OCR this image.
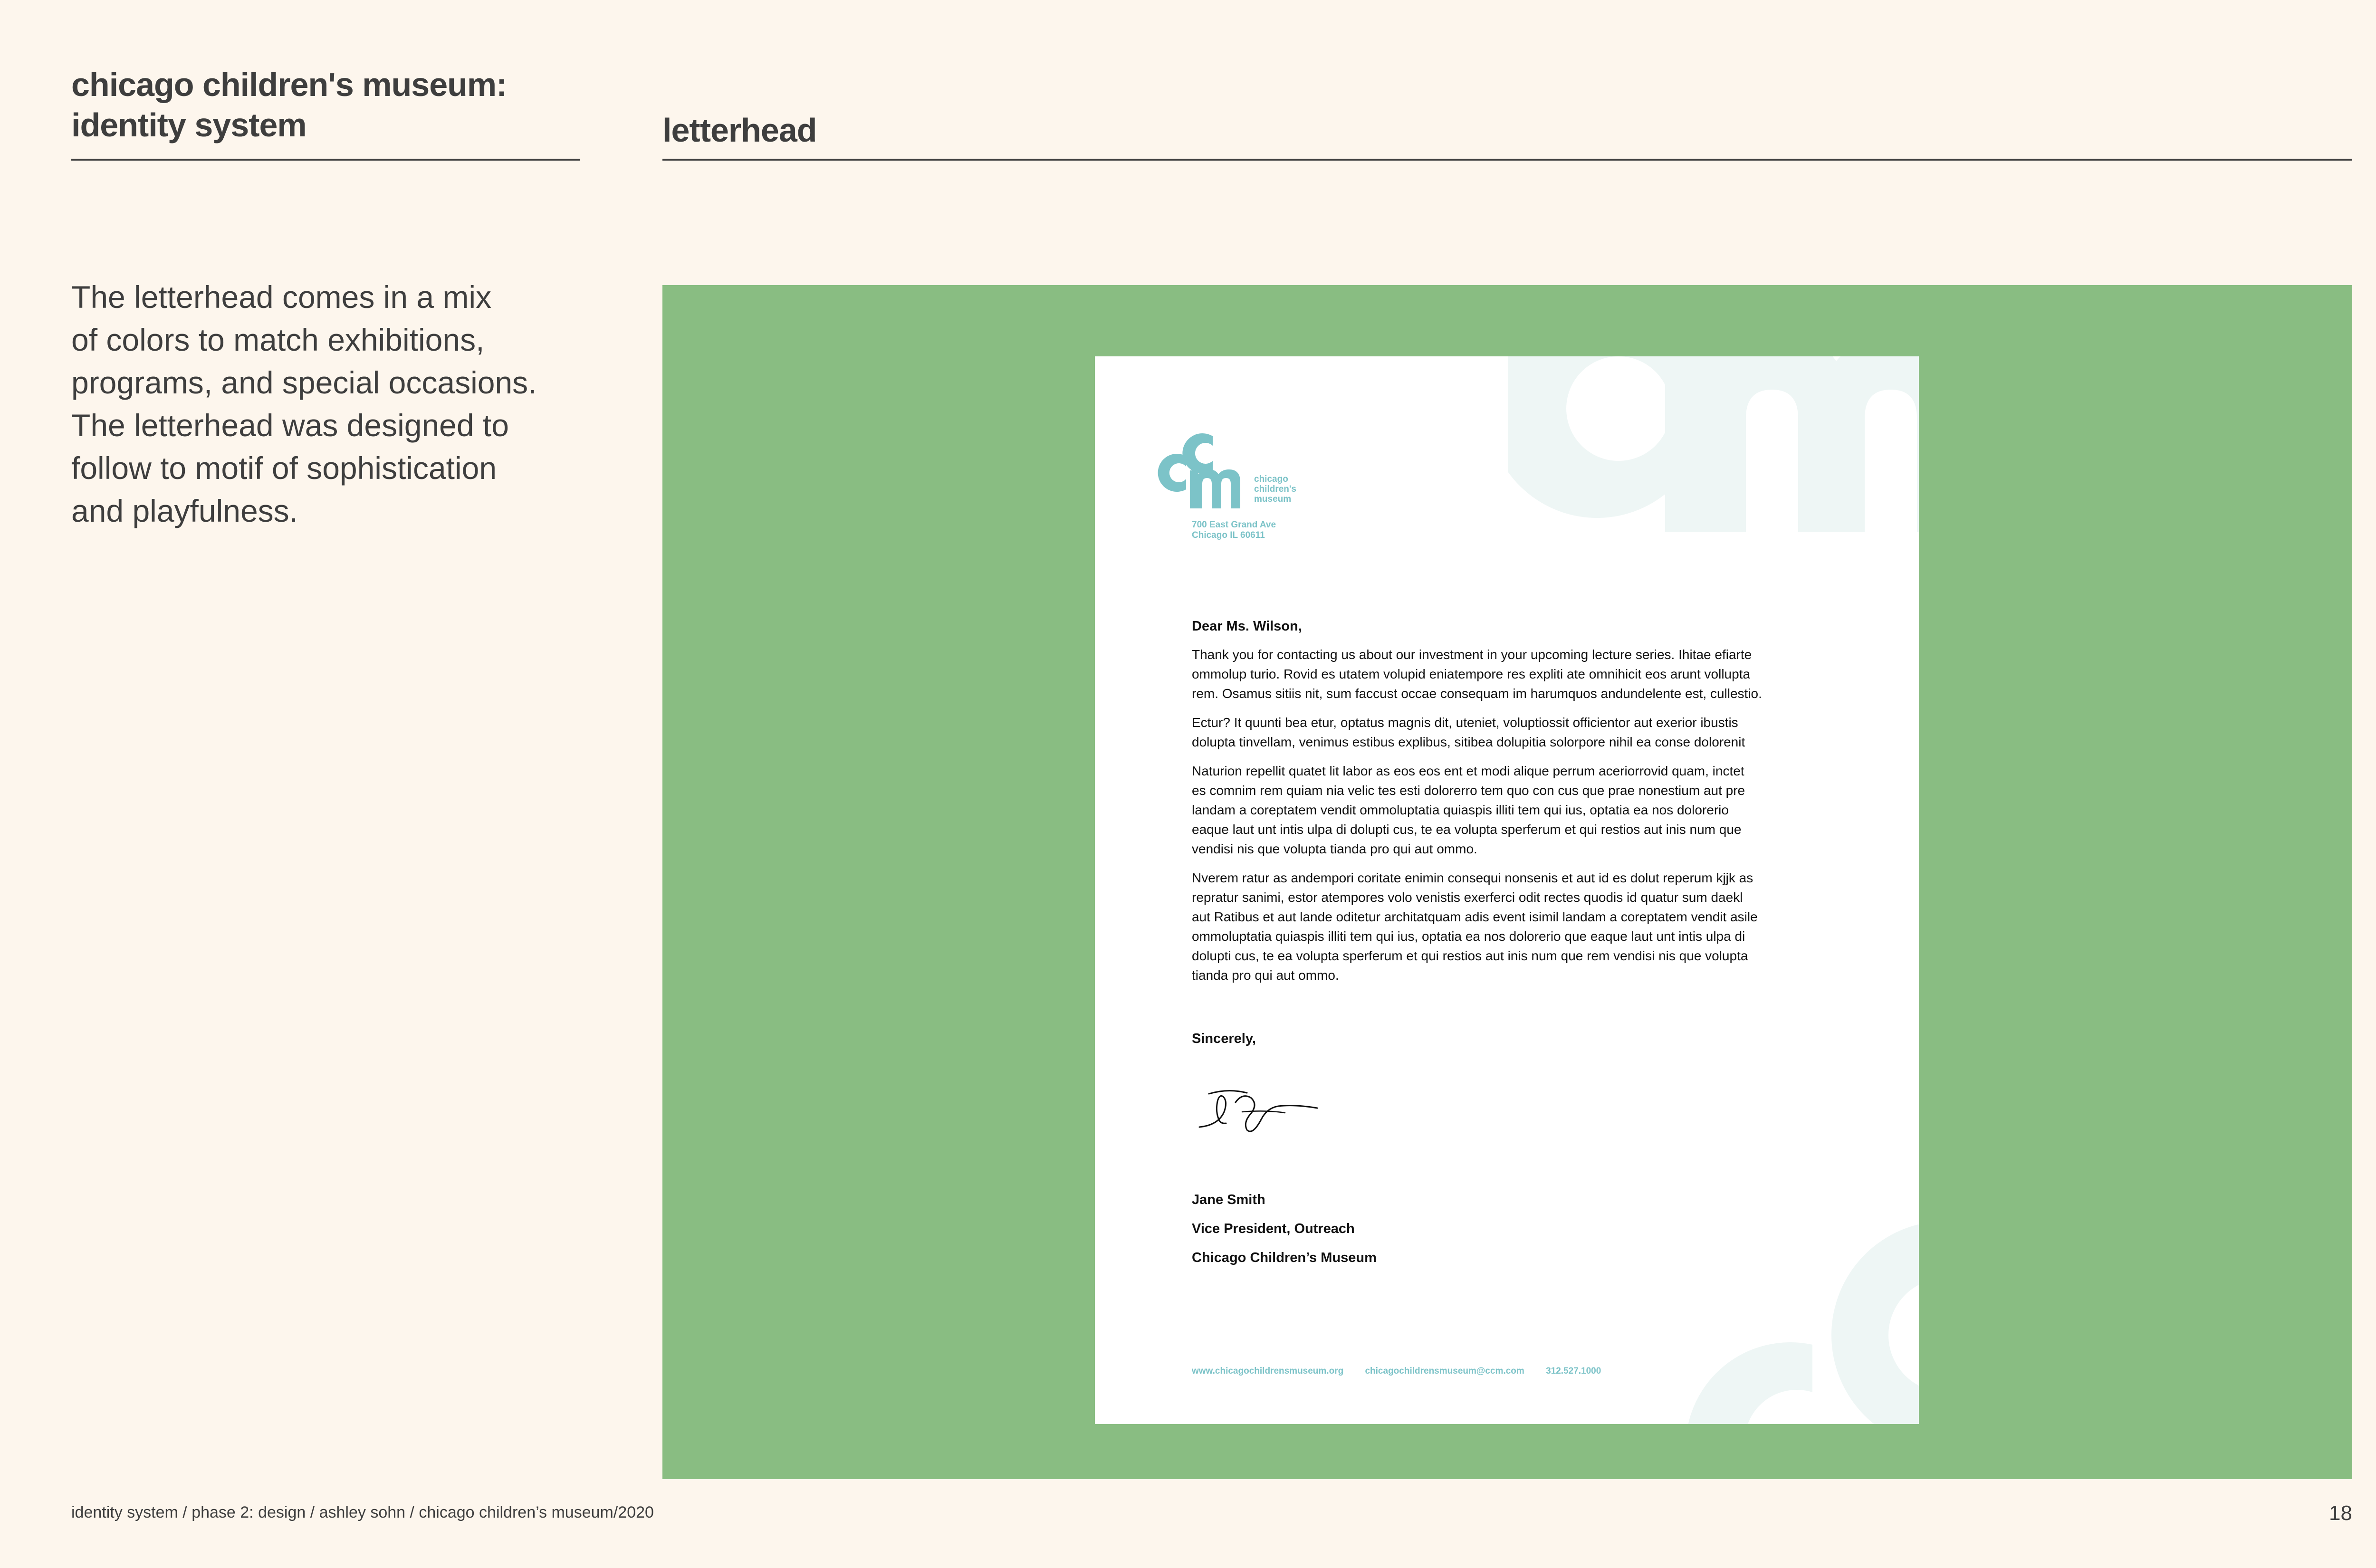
chicago children's museum:
identity system	letterhead
The letterhead comes in a mix
of colors to match exhibitions,
programs, and special occasions.
The letterhead was designed to
follow to motif of sophistication
and playfulness.
chicago
children's
museum
700 East Grand Ave
Chicago IL 60611
Dear Ms. Wilson,
Thank you for contacting us about our investment in your upcoming lecture series. Ihitae efiarte
ommolup turio. Rovid es utatem volupid eniatempore res expliti ate omnihicit eos arunt vollupta
rem. Osamus sitiis nit, sum faccust occae consequam im harumquos andundelente est, cullestio.
Ectur? It quunti bea etur, optatus magnis dit, uteniet, voluptiossit officientor aut exerior ibustis
dolupta tinvellam, venimus estibus explibus, sitibea dolupitia solorpore nihil ea conse dolorenit
Naturion repellit quatet lit labor as eos eos ent et modi alique perrum aceriorrovid quam, inctet
es comnim rem quiam nia velic tes esti dolorerro tem quo con cus que prae nonestium aut pre
landam a coreptatem vendit ommoluptatia quiaspis illiti tem qui ius, optatia ea nos dolorerio
eaque laut unt intis ulpa di dolupti cus, te ea volupta sperferum et qui restios aut inis num que
vendisi nis que volupta tianda pro qui aut ommo.
Nverem ratur as andempori coritate enimin consequi nonsenis et aut id es dolut reperum kjjk as
repratur sanimi, estor atempores volo venistis exerferci odit rectes quodis id quatur sum daekl
aut Ratibus et aut lande oditetur architatquam adis event isimil landam a coreptatem vendit asile
ommoluptatia quiaspis illiti tem qui ius, optatia ea nos dolorerio que eaque laut unt intis ulpa di
dolupti cus, te ea volupta sperferum et qui restios aut inis num que rem vendisi nis que volupta
tianda pro qui aut ommo.
Sincerely,
Jane Smith
Vice President, Outreach
Chicago Children’s Museum
www.chicagochildrensmuseum.org chicagochildrensmuseum@ccm.com 312.527.1000
identity system / phase 2: design / ashley sohn / chicago children’s museum/2020	18
